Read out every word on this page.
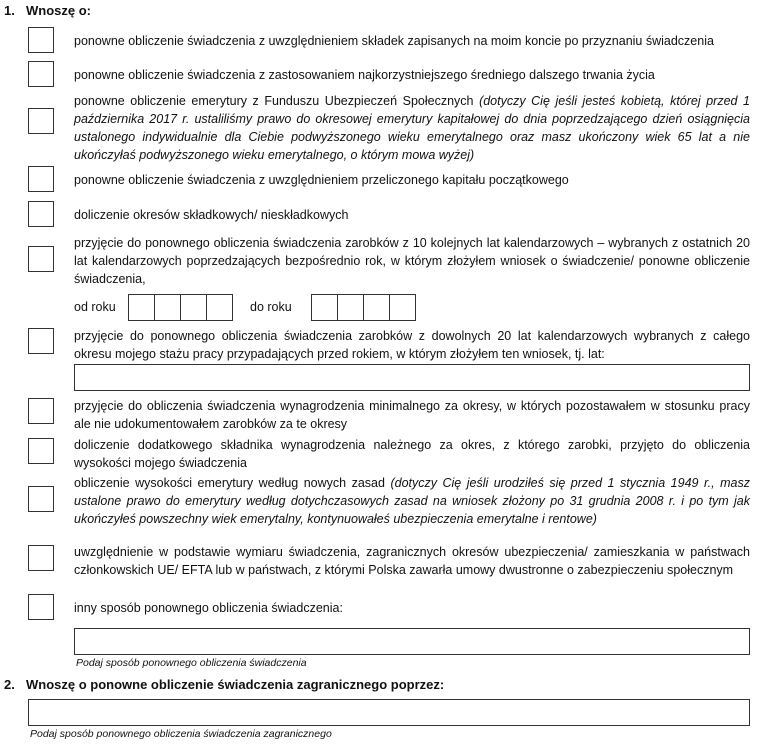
1. Wnoszę o:
ponowne obliczenie świadczenia z uwzględnieniem składek zapisanych na moim koncie po przyznaniu świadczenia
ponowne obliczenie świadczenia z zastosowaniem najkorzystniejszego średniego dalszego trwania życia
ponowne obliczenie emerytury z Funduszu Ubezpieczeń Społecznych (dotyczy Cię jeśli jesteś kobietą, której przed 1 października 2017 r. ustaliliśmy prawo do okresowej emerytury kapitałowej do dnia poprzedzającego dzień osiągnięcia ustalonego indywidualnie dla Ciebie podwyższonego wieku emerytalnego oraz masz ukończony wiek 65 lat a nie ukończyłaś podwyższonego wieku emerytalnego, o którym mowa wyżej)
ponowne obliczenie świadczenia z uwzględnieniem przeliczonego kapitału początkowego
doliczenie okresów składkowych/ nieskładkowych
przyjęcie do ponownego obliczenia świadczenia zarobków z 10 kolejnych lat kalendarzowych – wybranych z ostatnich 20 lat kalendarzowych poprzedzających bezpośrednio rok, w którym złożyłem wniosek o świadczenie/ ponowne obliczenie świadczenia,
od roku	do roku
przyjęcie do ponownego obliczenia świadczenia zarobków z dowolnych 20 lat kalendarzowych wybranych z całego okresu mojego stażu pracy przypadających przed rokiem, w którym złożyłem ten wniosek, tj. lat:
przyjęcie do obliczenia świadczenia wynagrodzenia minimalnego za okresy, w których pozostawałem w stosunku pracy ale nie udokumentowałem zarobków za te okresy
doliczenie dodatkowego składnika wynagrodzenia należnego za okres, z którego zarobki, przyjęto do obliczenia wysokości mojego świadczenia
obliczenie wysokości emerytury według nowych zasad (dotyczy Cię jeśli urodziłeś się przed 1 stycznia 1949 r., masz ustalone prawo do emerytury według dotychczasowych zasad na wniosek złożony po 31 grudnia 2008 r. i po tym jak ukończyłeś powszechny wiek emerytalny, kontynuowałeś ubezpieczenia emerytalne i rentowe)
uwzględnienie w podstawie wymiaru świadczenia, zagranicznych okresów ubezpieczenia/ zamieszkania w państwach członkowskich UE/ EFTA lub w państwach, z którymi Polska zawarła umowy dwustronne o zabezpieczeniu społecznym
inny sposób ponownego obliczenia świadczenia:
Podaj sposób ponownego obliczenia świadczenia
2. Wnoszę o ponowne obliczenie świadczenia zagranicznego poprzez:
Podaj sposób ponownego obliczenia świadczenia zagranicznego
